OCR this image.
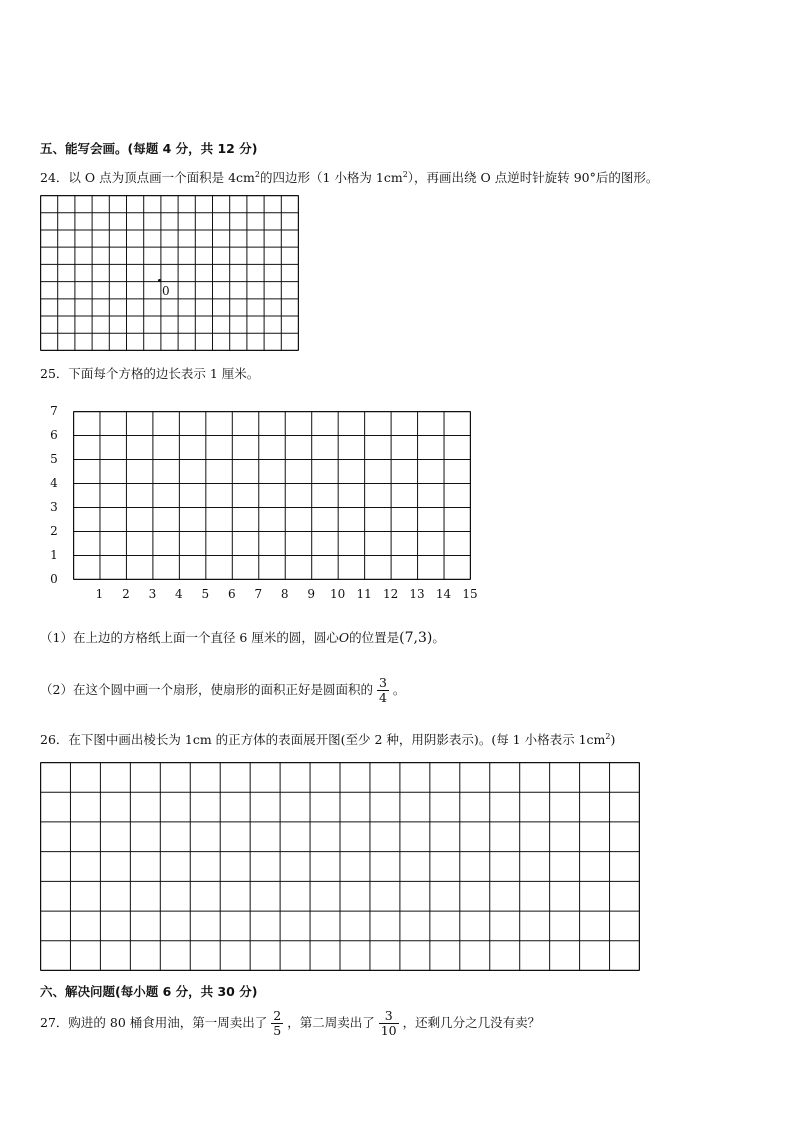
五、能写会画。(每题 4 分，共 12 分)
24．以 O 点为顶点画一个面积是 $4cm^2$的四边形（1 小格为 $1cm^2$），再画出绕 O 点逆时针旋转 90°后的图形。
0
25．下面每个方格的边长表示 1 厘米。
0
1
2
3
4
5
6
7
1	2	3	4	5	6	7	8	9	10 11 12 13 14 15
（1）在上边的方格纸上面一个直径 6 厘米的圆，圆心O的位置是(7,3)。
（2）在这个圆中画一个扇形，使扇形的面积正好是圆面积的 $\frac{3}{4}$ 。
26．在下图中画出棱长为 1cm 的正方体的表面展开图(至少 2 种，用阴影表示)。(每 1 小格表示 $1cm^2$)
六、解决问题(每小题 6 分，共 30 分)
27．购进的 80 桶食用油，第一周卖出了 $\frac{2}{5}$ ，第二周卖出了 $\frac{3}{10}$ ，还剩几分之几没有卖？
